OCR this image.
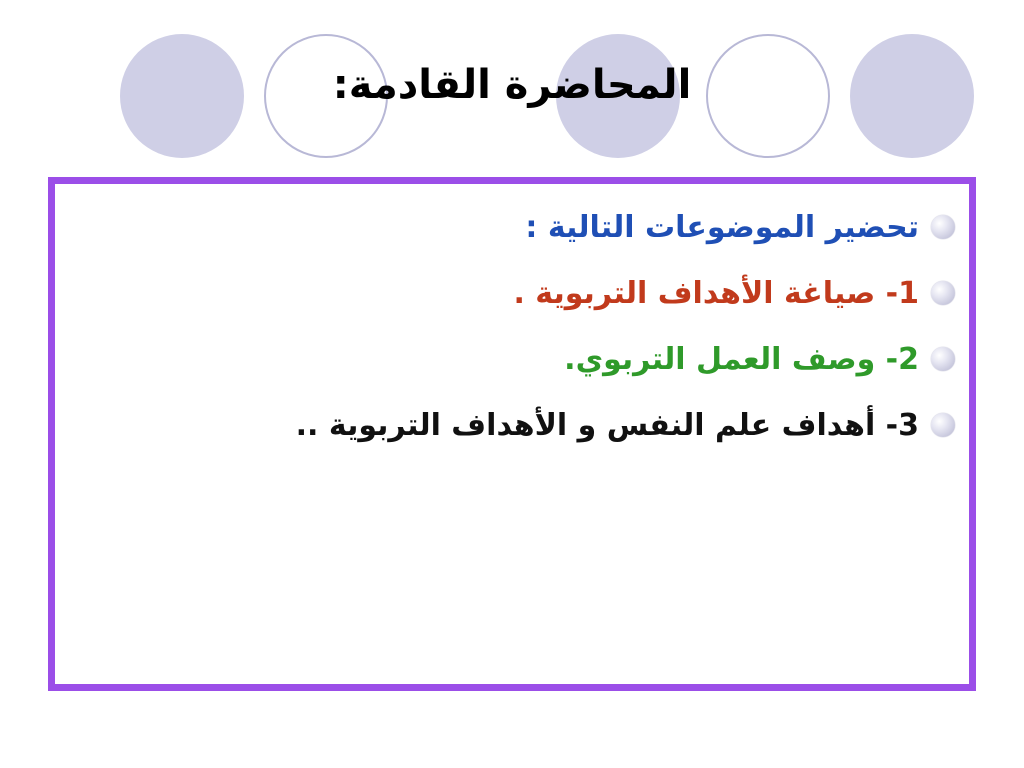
المحاضرة القادمة:
تحضير الموضوعات التالية :
1- صياغة الأهداف التربوية .
2- وصف العمل التربوي.
3- أهداف علم النفس و الأهداف التربوية ..
